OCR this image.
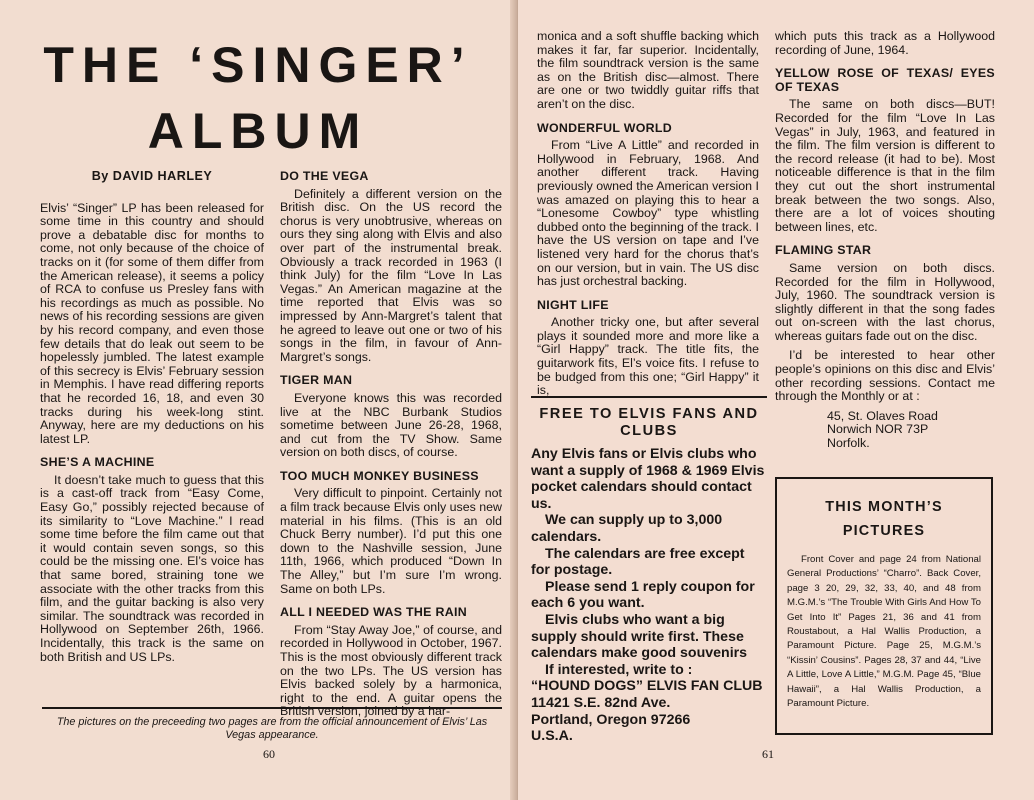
THE ‘SINGER’
ALBUM
By DAVID HARLEY

Elvis’ “Singer” LP has been released for some time in this country and should prove a debatable disc for months to come, not only because of the choice of tracks on it (for some of them differ from the American release), it seems a policy of RCA to confuse us Presley fans with his recordings as much as possible. No news of his recording sessions are given by his record company, and even those few details that do leak out seem to be hopelessly jumbled. The latest example of this secrecy is Elvis’ February session in Memphis. I have read differing reports that he recorded 16, 18, and even 30 tracks during his week-long stint. Anyway, here are my deductions on his latest LP.

SHE’S A MACHINE

It doesn’t take much to guess that this is a cast-off track from “Easy Come, Easy Go,” possibly rejected because of its similarity to “Love Machine.” I read some time before the film came out that it would contain seven songs, so this could be the missing one. El’s voice has that same bored, straining tone we associate with the other tracks from this film, and the guitar backing is also very similar. The soundtrack was recorded in Hollywood on September 26th, 1966. Incidentally, this track is the same on both British and US LPs.

DO THE VEGA

Definitely a different version on the British disc. On the US record the chorus is very unobtrusive, whereas on ours they sing along with Elvis and also over part of the instrumental break. Obviously a track recorded in 1963 (I think July) for the film “Love In Las Vegas.” An American magazine at the time reported that Elvis was so impressed by Ann-Margret’s talent that he agreed to leave out one or two of his songs in the film, in favour of Ann-Margret’s songs.

TIGER MAN

Everyone knows this was recorded live at the NBC Burbank Studios sometime between June 26-28, 1968, and cut from the TV Show. Same version on both discs, of course.

TOO MUCH MONKEY BUSINESS

Very difficult to pinpoint. Certainly not a film track because Elvis only uses new material in his films. (This is an old Chuck Berry number). I’d put this one down to the Nashville session, June 11th, 1966, which produced “Down In The Alley,” but I’m sure I’m wrong. Same on both LPs.

ALL I NEEDED WAS THE RAIN

From “Stay Away Joe,” of course, and recorded in Hollywood in October, 1967. This is the most obviously different track on the two LPs. The US version has Elvis backed solely by a harmonica, right to the end. A guitar opens the British version, joined by a har-

The pictures on the preceeding two pages are from the official announcement of Elvis’ Las Vegas appearance.
60	61

monica and a soft shuffle backing which makes it far, far superior. Incidentally, the film soundtrack version is the same as on the British disc—almost. There are one or two twiddly guitar riffs that aren’t on the disc.

WONDERFUL WORLD

From “Live A Little” and recorded in Hollywood in February, 1968. And another different track. Having previously owned the American version I was amazed on playing this to hear a “Lonesome Cowboy” type whistling dubbed onto the beginning of the track. I have the US version on tape and I’ve listened very hard for the chorus that’s on our version, but in vain. The US disc has just orchestral backing.

NIGHT LIFE

Another tricky one, but after several plays it sounded more and more like a “Girl Happy” track. The title fits, the guitarwork fits, El’s voice fits. I refuse to be budged from this one; “Girl Happy” it is,

FREE TO ELVIS FANS AND CLUBS

Any Elvis fans or Elvis clubs who want a supply of 1968 & 1969 Elvis pocket calendars should contact us.

We can supply up to 3,000 calendars.

The calendars are free except for postage.

Please send 1 reply coupon for each 6 you want.

Elvis clubs who want a big supply should write first. These calendars make good souvenirs

If interested, write to :

“HOUND DOGS” ELVIS FAN CLUB

11421 S.E. 82nd Ave.

Portland, Oregon 97266

U.S.A.

which puts this track as a Hollywood recording of June, 1964.

YELLOW ROSE OF TEXAS/ EYES OF TEXAS

The same on both discs—BUT! Recorded for the film “Love In Las Vegas” in July, 1963, and featured in the film. The film version is different to the record release (it had to be). Most noticeable difference is that in the film they cut out the short instrumental break between the two songs. Also, there are a lot of voices shouting between lines, etc.

FLAMING STAR

Same version on both discs. Recorded for the film in Hollywood, July, 1960. The soundtrack version is slightly different in that the song fades out on-screen with the last chorus, whereas guitars fade out on the disc.

I’d be interested to hear other people’s opinions on this disc and Elvis’ other recording sessions. Contact me through the Monthly or at :

45, St. Olaves Road
Norwich NOR 73P
Norfolk.
THIS MONTH’S PICTURES

Front Cover and page 24 from National General Productions’ “Charro”. Back Cover, page 3 20, 29, 32, 33, 40, and 48 from M.G.M.’s “The Trouble With Girls And How To Get Into It” Pages 21, 36 and 41 from Roustabout, a Hal Wallis Production, a Paramount Picture. Page 25, M.G.M.’s “Kissin’ Cousins”. Pages 28, 37 and 44, “Live A Little, Love A Little,” M.G.M. Page 45, “Blue Hawaii”, a Hal Wallis Production, a Paramount Picture.
